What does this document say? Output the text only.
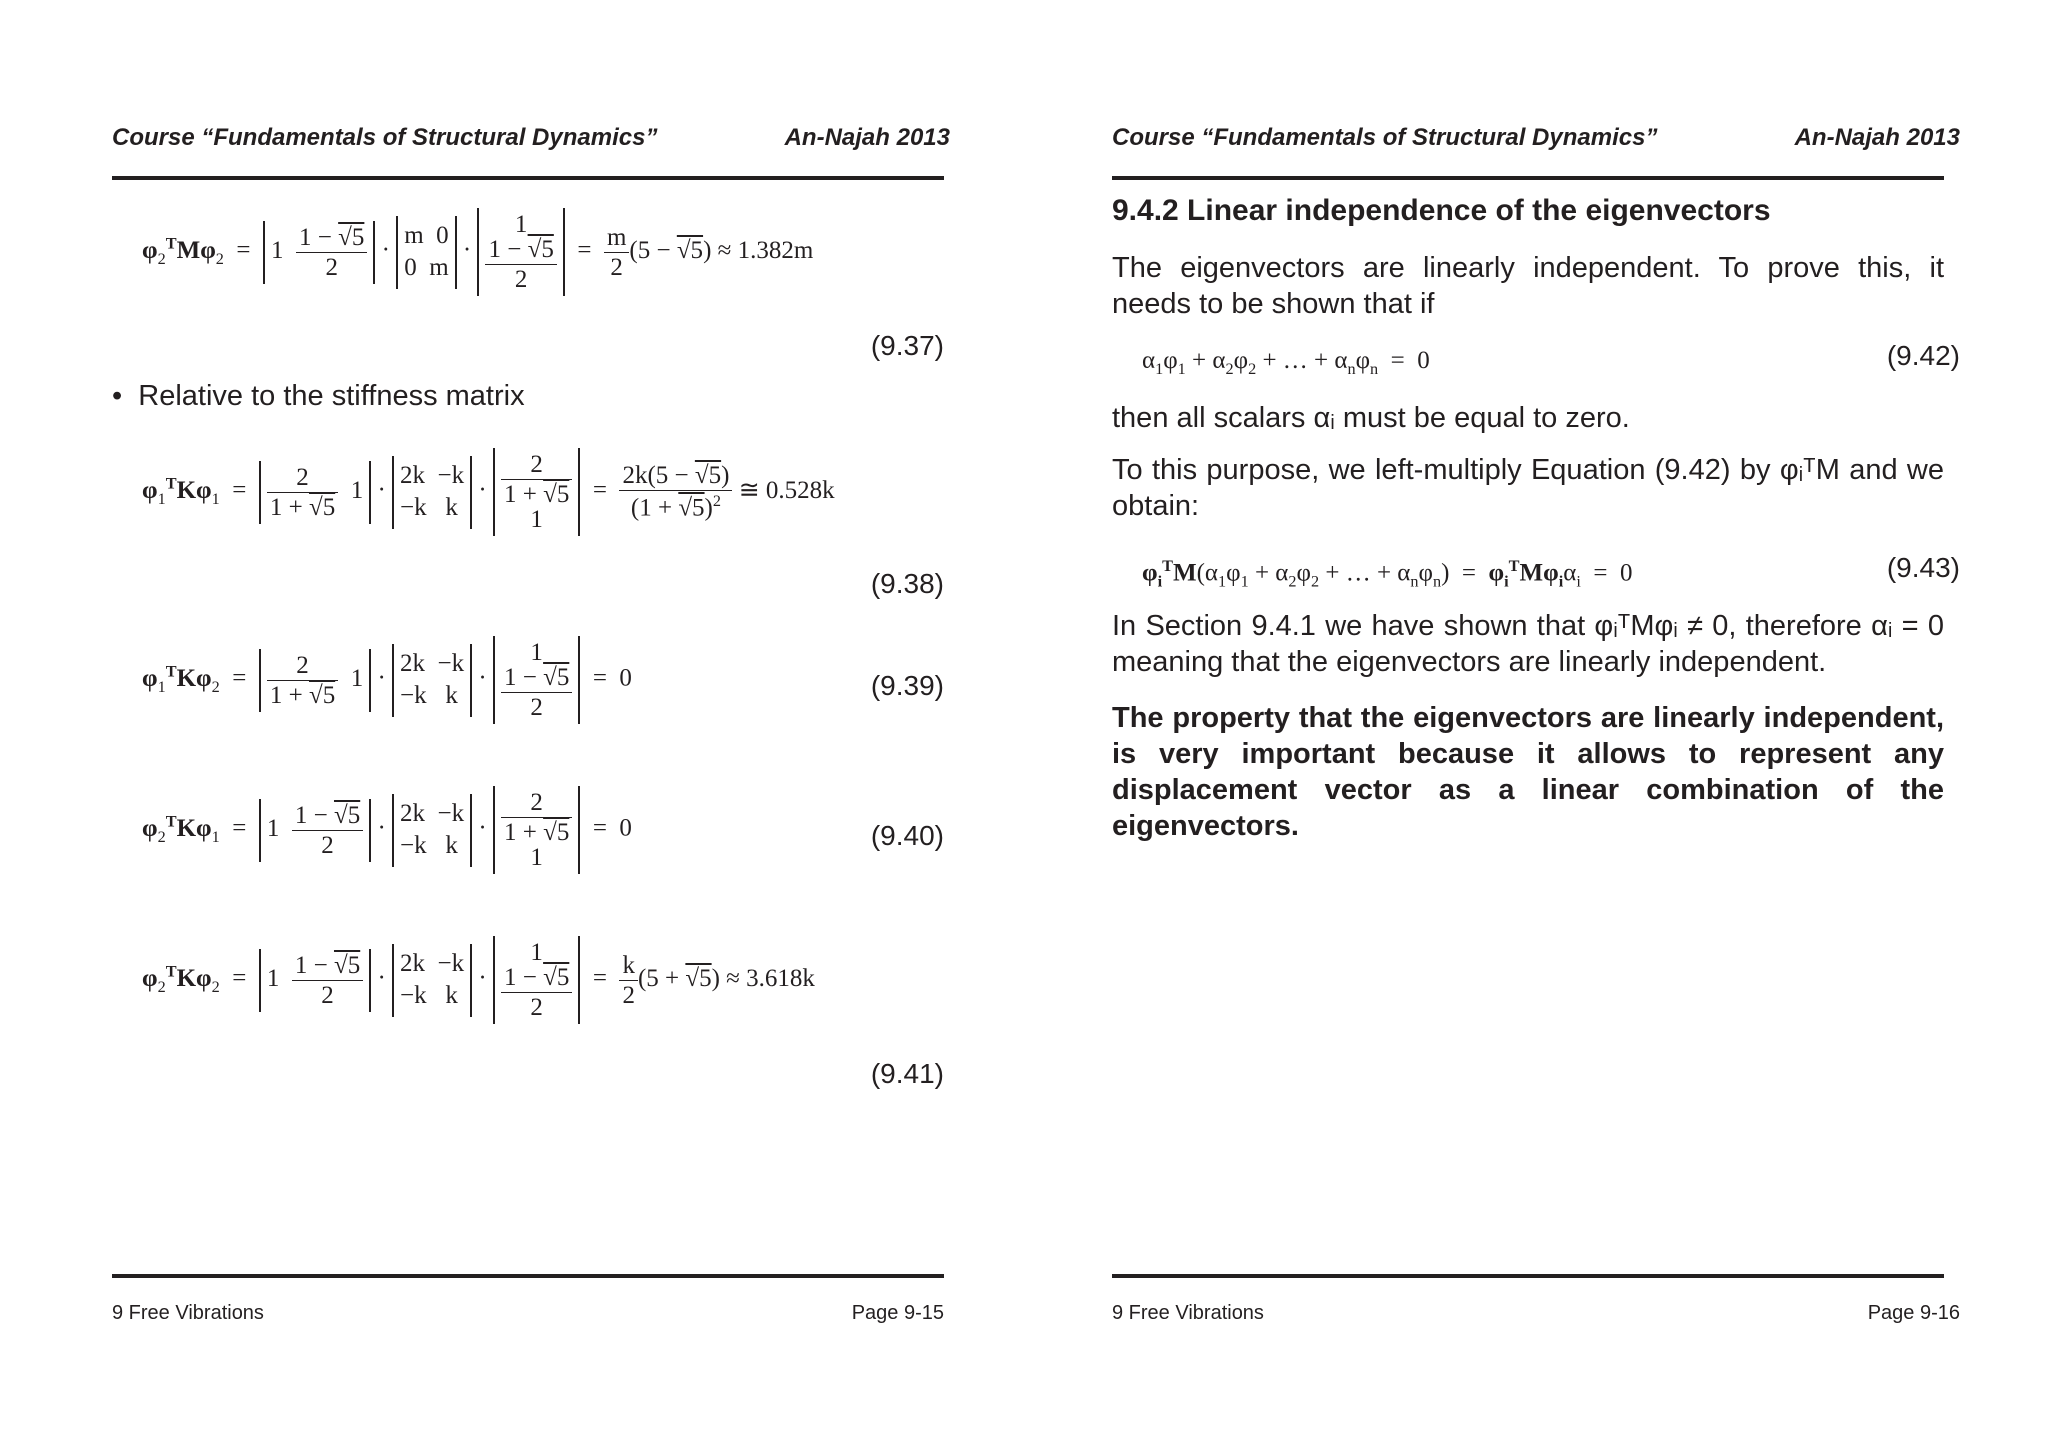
Course “Fundamentals of Structural Dynamics”	An-Najah 2013
$\varphi_2^TM\varphi_2 = 1 \frac{1 - √5}{2} \cdot m$  0
0  m · 1

$\frac{1 - √5}{2} = \frac{m}{2} (5 - √5) \approx 1.382m$
(9.37)
•  Relative to the stiffness matrix
$\varphi_1^TK\varphi_1 = \frac{2}{1 + √5} 1 \cdot 2k -k$
−k   $k \cdot \frac{2}{1 + √5}$

$1 = \frac{2k(5 - √5)}{(1 + √5)^2}$ ≅ 0.528k
(9.38)
$\varphi_1^TK\varphi_2 = \frac{2}{1 + √5} 1 \cdot 2k -k$
−k   k · 1

$\frac{1 - √5}{2} = 0$	(9.39)
$\varphi_2^TK\varphi_1 = 1 \frac{1 - √5}{2} \cdot 2k -k$
−k   $k \cdot \frac{2}{1 + √5}$

1  =  0	(9.40)
$\varphi_2^TK\varphi_2 = 1 \frac{1 - √5}{2} \cdot 2k -k$
−k   k · 1

$\frac{1 - √5}{2} = \frac{k}{2} (5 + √5) \approx 3.618k$
(9.41)
9 Free Vibrations	Page 9-15
Course “Fundamentals of Structural Dynamics”	An-Najah 2013
9.4.2 Linear independence of the eigenvectors
The eigenvectors are linearly independent. To prove this, it needs to be shown that if
$\alpha_1\varphi_1 + \alpha_2\varphi_2$ + … + $\alpha_n\varphi_n = 0$	(9.42)
then all scalars αᵢ must be equal to zero.
To this purpose, we left-multiply Equation (9.42) by φᵢᵀM and we obtain:
$\varphi_i^TM(\alpha_1\varphi_1 + \alpha_2\varphi_2$ + … + $\alpha_n\varphi_n) = \varphi_i^TM\varphi_i\alpha_i = 0$	(9.43)
In Section 9.4.1 we have shown that φᵢᵀMφᵢ ≠ 0, therefore αᵢ = 0 meaning that the eigenvectors are linearly independent.
The property that the eigenvectors are linearly independent, is very important because it allows to represent any displacement vector as a linear combination of the eigenvectors.
9 Free Vibrations	Page 9-16
